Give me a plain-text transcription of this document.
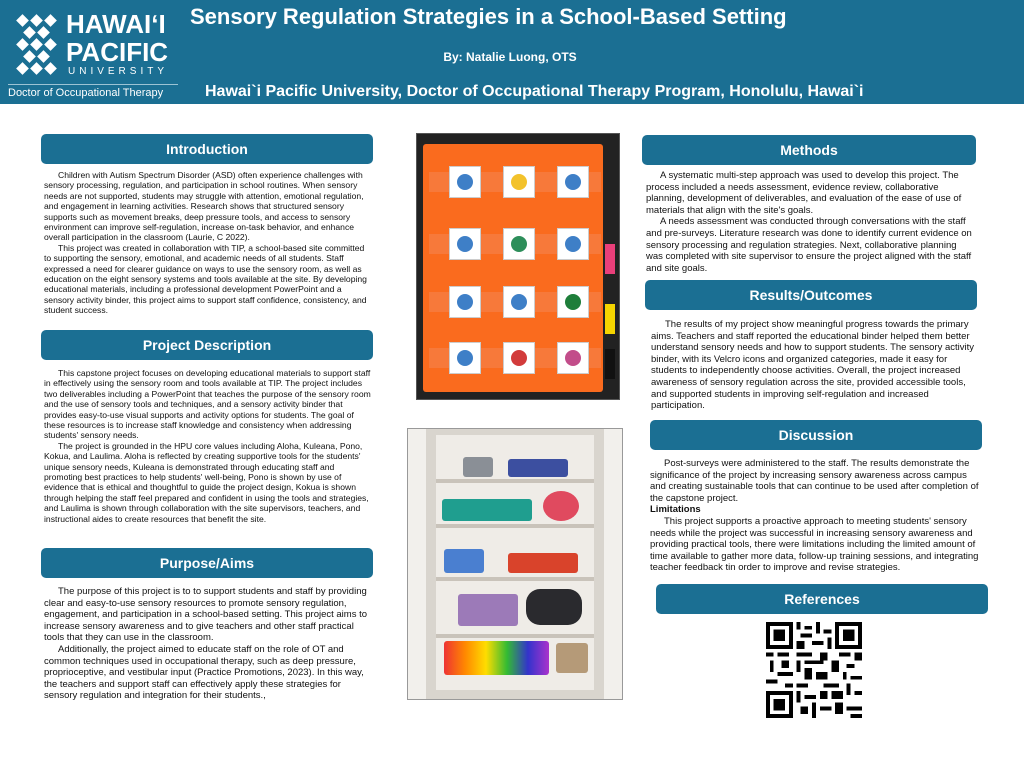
HAWAIʻI
PACIFIC
UNIVERSITY
Doctor of Occupational Therapy
Sensory Regulation Strategies in a School-Based Setting
By: Natalie Luong, OTS
Hawai`i Pacific University, Doctor of Occupational Therapy Program, Honolulu, Hawai`i
Introduction

Children with Autism Spectrum Disorder (ASD) often experience challenges with sensory processing, regulation, and participation in school routines. When sensory needs are not supported, students may struggle with attention, emotional regulation, and engagement in learning activities. Research shows that structured sensory supports such as movement breaks, deep pressure tools, and access to sensory environment can improve self-regulation, increase on-task behavior, and enhance overall participation in the classroom (Laurie, C 2022).

This project was created in collaboration with TIP, a school-based site committed to supporting the sensory, emotional, and academic needs of all students. Staff expressed a need for clearer guidance on ways to use the sensory room, as well as education on the eight sensory systems and tools available at the site. By developing educational materials, including a professional development PowerPoint and a sensory activity binder, this project aims to support staff confidence, consistency, and student success.

Project Description

This capstone project focuses on developing educational materials to support staff in effectively using the sensory room and tools available at TIP. The project includes two deliverables including a PowerPoint that teaches the purpose of the sensory room and the use of sensory tools and techniques, and a sensory activity binder that provides easy-to-use visual supports and activity options for students. The goal of these resources is to increase staff knowledge and consistency when addressing students' sensory needs.

The project is grounded in the HPU core values including Aloha, Kuleana, Pono, Kokua, and Laulima. Aloha is reflected by creating supportive tools for the students' unique sensory needs, Kuleana is demonstrated through educating staff and promoting best practices to help students' well-being, Pono is shown by use of evidence that is ethical and thoughtful to guide the project design, Kokua is shown through helping the staff feel prepared and confident in using the tools and strategies, and Laulima is shown through collaboration with the site supervisors, teachers, and instructional aides to create resources that benefit the site.

Purpose/Aims

The purpose of this project is to to support students and staff by providing clear and easy-to-use sensory resources to promote sensory regulation, engagement, and participation in a school-based setting. This project aims to increase sensory awareness and to give teachers and other staff practical tools that they can use in the classroom.

Additionally, the project aimed to educate staff on the role of OT and common techniques used in occupational therapy, such as deep pressure, proprioceptive, and vestibular input (Practice Promotions, 2023). In this way, the teachers and support staff can effectively apply these strategies for sensory regulation and integration for their students.,

Methods

A systematic multi-step approach was used to develop this project. The process included a needs assessment, evidence review, collaborative planning, development of deliverables, and evaluation of the ease of use of materials that align with the site's goals.

A needs assessment was conducted through conversations with the staff and pre-surveys. Literature research was done to identify current evidence on sensory processing and regulation strategies. Next, collaborative planning was completed with site supervisor to ensure the project aligned with the staff and site goals.

Results/Outcomes

The results of my project show meaningful progress towards the primary aims. Teachers and staff reported the educational binder helped them better understand sensory needs and how to support students. The sensory activity binder, with its Velcro icons and organized categories, made it easy for students to independently choose activities. Overall, the project increased awareness of sensory regulation across the site, provided accessible tools, and supported students in improving self-regulation and increased participation.

Discussion

Post-surveys were administered to the staff. The results demonstrate the significance of the project by increasing sensory awareness across campus and creating sustainable tools that can continue to be used after completion of the capstone project.

Limitations

This project supports a proactive approach to meeting students' sensory needs while the project was successful in increasing sensory awareness and providing practical tools, there were limitations including the limited amount of time available to gather more data, follow-up training sessions, and integrating teacher feedback tin order to improve and revise strategies.

References
